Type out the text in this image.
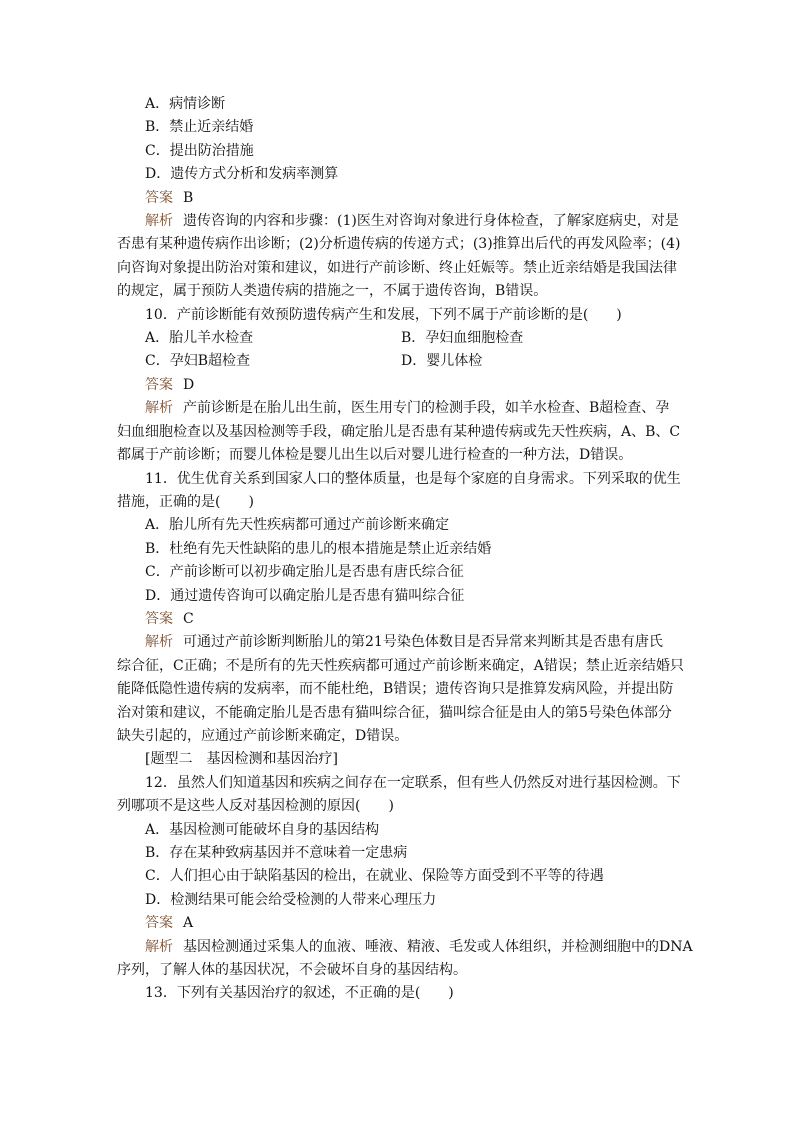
A．病情诊断
B．禁止近亲结婚
C．提出防治措施
D．遗传方式分析和发病率测算
答案 B
解析 遗传咨询的内容和步骤：(1)医生对咨询对象进行身体检查，了解家庭病史，对是
否患有某种遗传病作出诊断；(2)分析遗传病的传递方式；(3)推算出后代的再发风险率；(4)
向咨询对象提出防治对策和建议，如进行产前诊断、终止妊娠等。禁止近亲结婚是我国法律
的规定，属于预防人类遗传病的措施之一，不属于遗传咨询，B错误。
10．产前诊断能有效预防遗传病产生和发展，下列不属于产前诊断的是(　　)
A．胎儿羊水检查	B．孕妇血细胞检查
C．孕妇B超检查	D．婴儿体检
答案 D
解析 产前诊断是在胎儿出生前，医生用专门的检测手段，如羊水检查、B超检查、孕
妇血细胞检查以及基因检测等手段，确定胎儿是否患有某种遗传病或先天性疾病，A、B、C
都属于产前诊断；而婴儿体检是婴儿出生以后对婴儿进行检查的一种方法，D错误。
11．优生优育关系到国家人口的整体质量，也是每个家庭的自身需求。下列采取的优生
措施，正确的是(　　)
A．胎儿所有先天性疾病都可通过产前诊断来确定
B．杜绝有先天性缺陷的患儿的根本措施是禁止近亲结婚
C．产前诊断可以初步确定胎儿是否患有唐氏综合征
D．通过遗传咨询可以确定胎儿是否患有猫叫综合征
答案 C
解析 可通过产前诊断判断胎儿的第21号染色体数目是否异常来判断其是否患有唐氏
综合征，C正确；不是所有的先天性疾病都可通过产前诊断来确定，A错误；禁止近亲结婚只
能降低隐性遗传病的发病率，而不能杜绝，B错误；遗传咨询只是推算发病风险，并提出防
治对策和建议，不能确定胎儿是否患有猫叫综合征，猫叫综合征是由人的第5号染色体部分
缺失引起的，应通过产前诊断来确定，D错误。
[题型二　基因检测和基因治疗]
12．虽然人们知道基因和疾病之间存在一定联系，但有些人仍然反对进行基因检测。下
列哪项不是这些人反对基因检测的原因(　　)
A．基因检测可能破坏自身的基因结构
B．存在某种致病基因并不意味着一定患病
C．人们担心由于缺陷基因的检出，在就业、保险等方面受到不平等的待遇
D．检测结果可能会给受检测的人带来心理压力
答案 A
解析 基因检测通过采集人的血液、唾液、精液、毛发或人体组织，并检测细胞中的DNA
序列，了解人体的基因状况，不会破坏自身的基因结构。
13．下列有关基因治疗的叙述，不正确的是(　　)
